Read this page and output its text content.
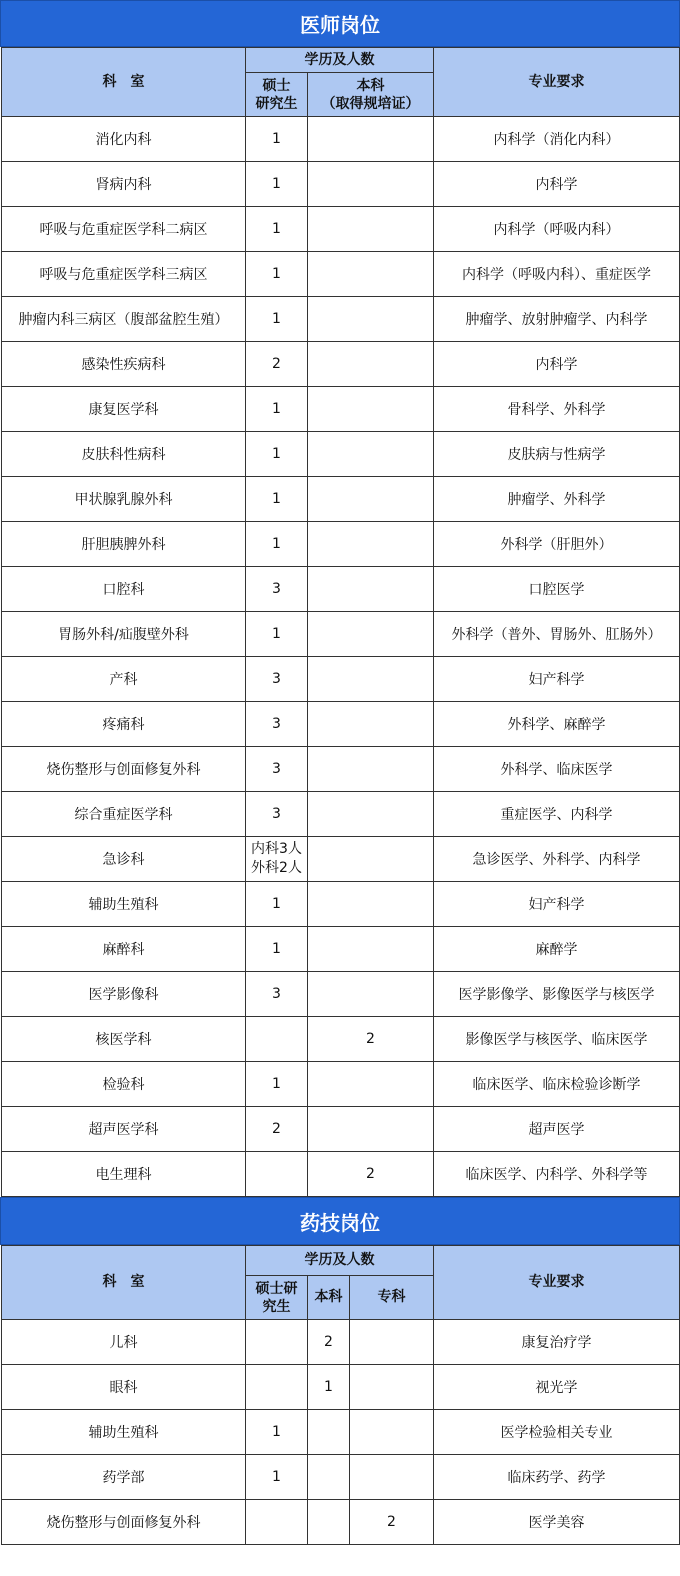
医师岗位
科　室	学历及人数		专业要求
	硕士
研究生	本科
（取得规培证）	
消化内科	1		内科学（消化内科）
肾病内科	1		内科学
呼吸与危重症医学科二病区	1		内科学（呼吸内科）
呼吸与危重症医学科三病区	1		内科学（呼吸内科）、重症医学
肿瘤内科三病区（腹部盆腔生殖）	1		肿瘤学、放射肿瘤学、内科学
感染性疾病科	2		内科学
康复医学科	1		骨科学、外科学
皮肤科性病科	1		皮肤病与性病学
甲状腺乳腺外科	1		肿瘤学、外科学
肝胆胰脾外科	1		外科学（肝胆外）
口腔科	3		口腔医学
胃肠外科/疝腹壁外科	1		外科学（普外、胃肠外、肛肠外）
产科	3		妇产科学
疼痛科	3		外科学、麻醉学
烧伤整形与创面修复外科	3		外科学、临床医学
综合重症医学科	3		重症医学、内科学
急诊科	内科3人
外科2人		急诊医学、外科学、内科学
辅助生殖科	1		妇产科学
麻醉科	1		麻醉学
医学影像科	3		医学影像学、影像医学与核医学
核医学科		2	影像医学与核医学、临床医学
检验科	1		临床医学、临床检验诊断学
超声医学科	2		超声医学
电生理科		2	临床医学、内科学、外科学等
药技岗位
科　室	学历及人数			专业要求
	硕士研
究生	本科	专科	
儿科		2		康复治疗学
眼科		1		视光学
辅助生殖科	1			医学检验相关专业
药学部	1			临床药学、药学
烧伤整形与创面修复外科			2	医学美容
